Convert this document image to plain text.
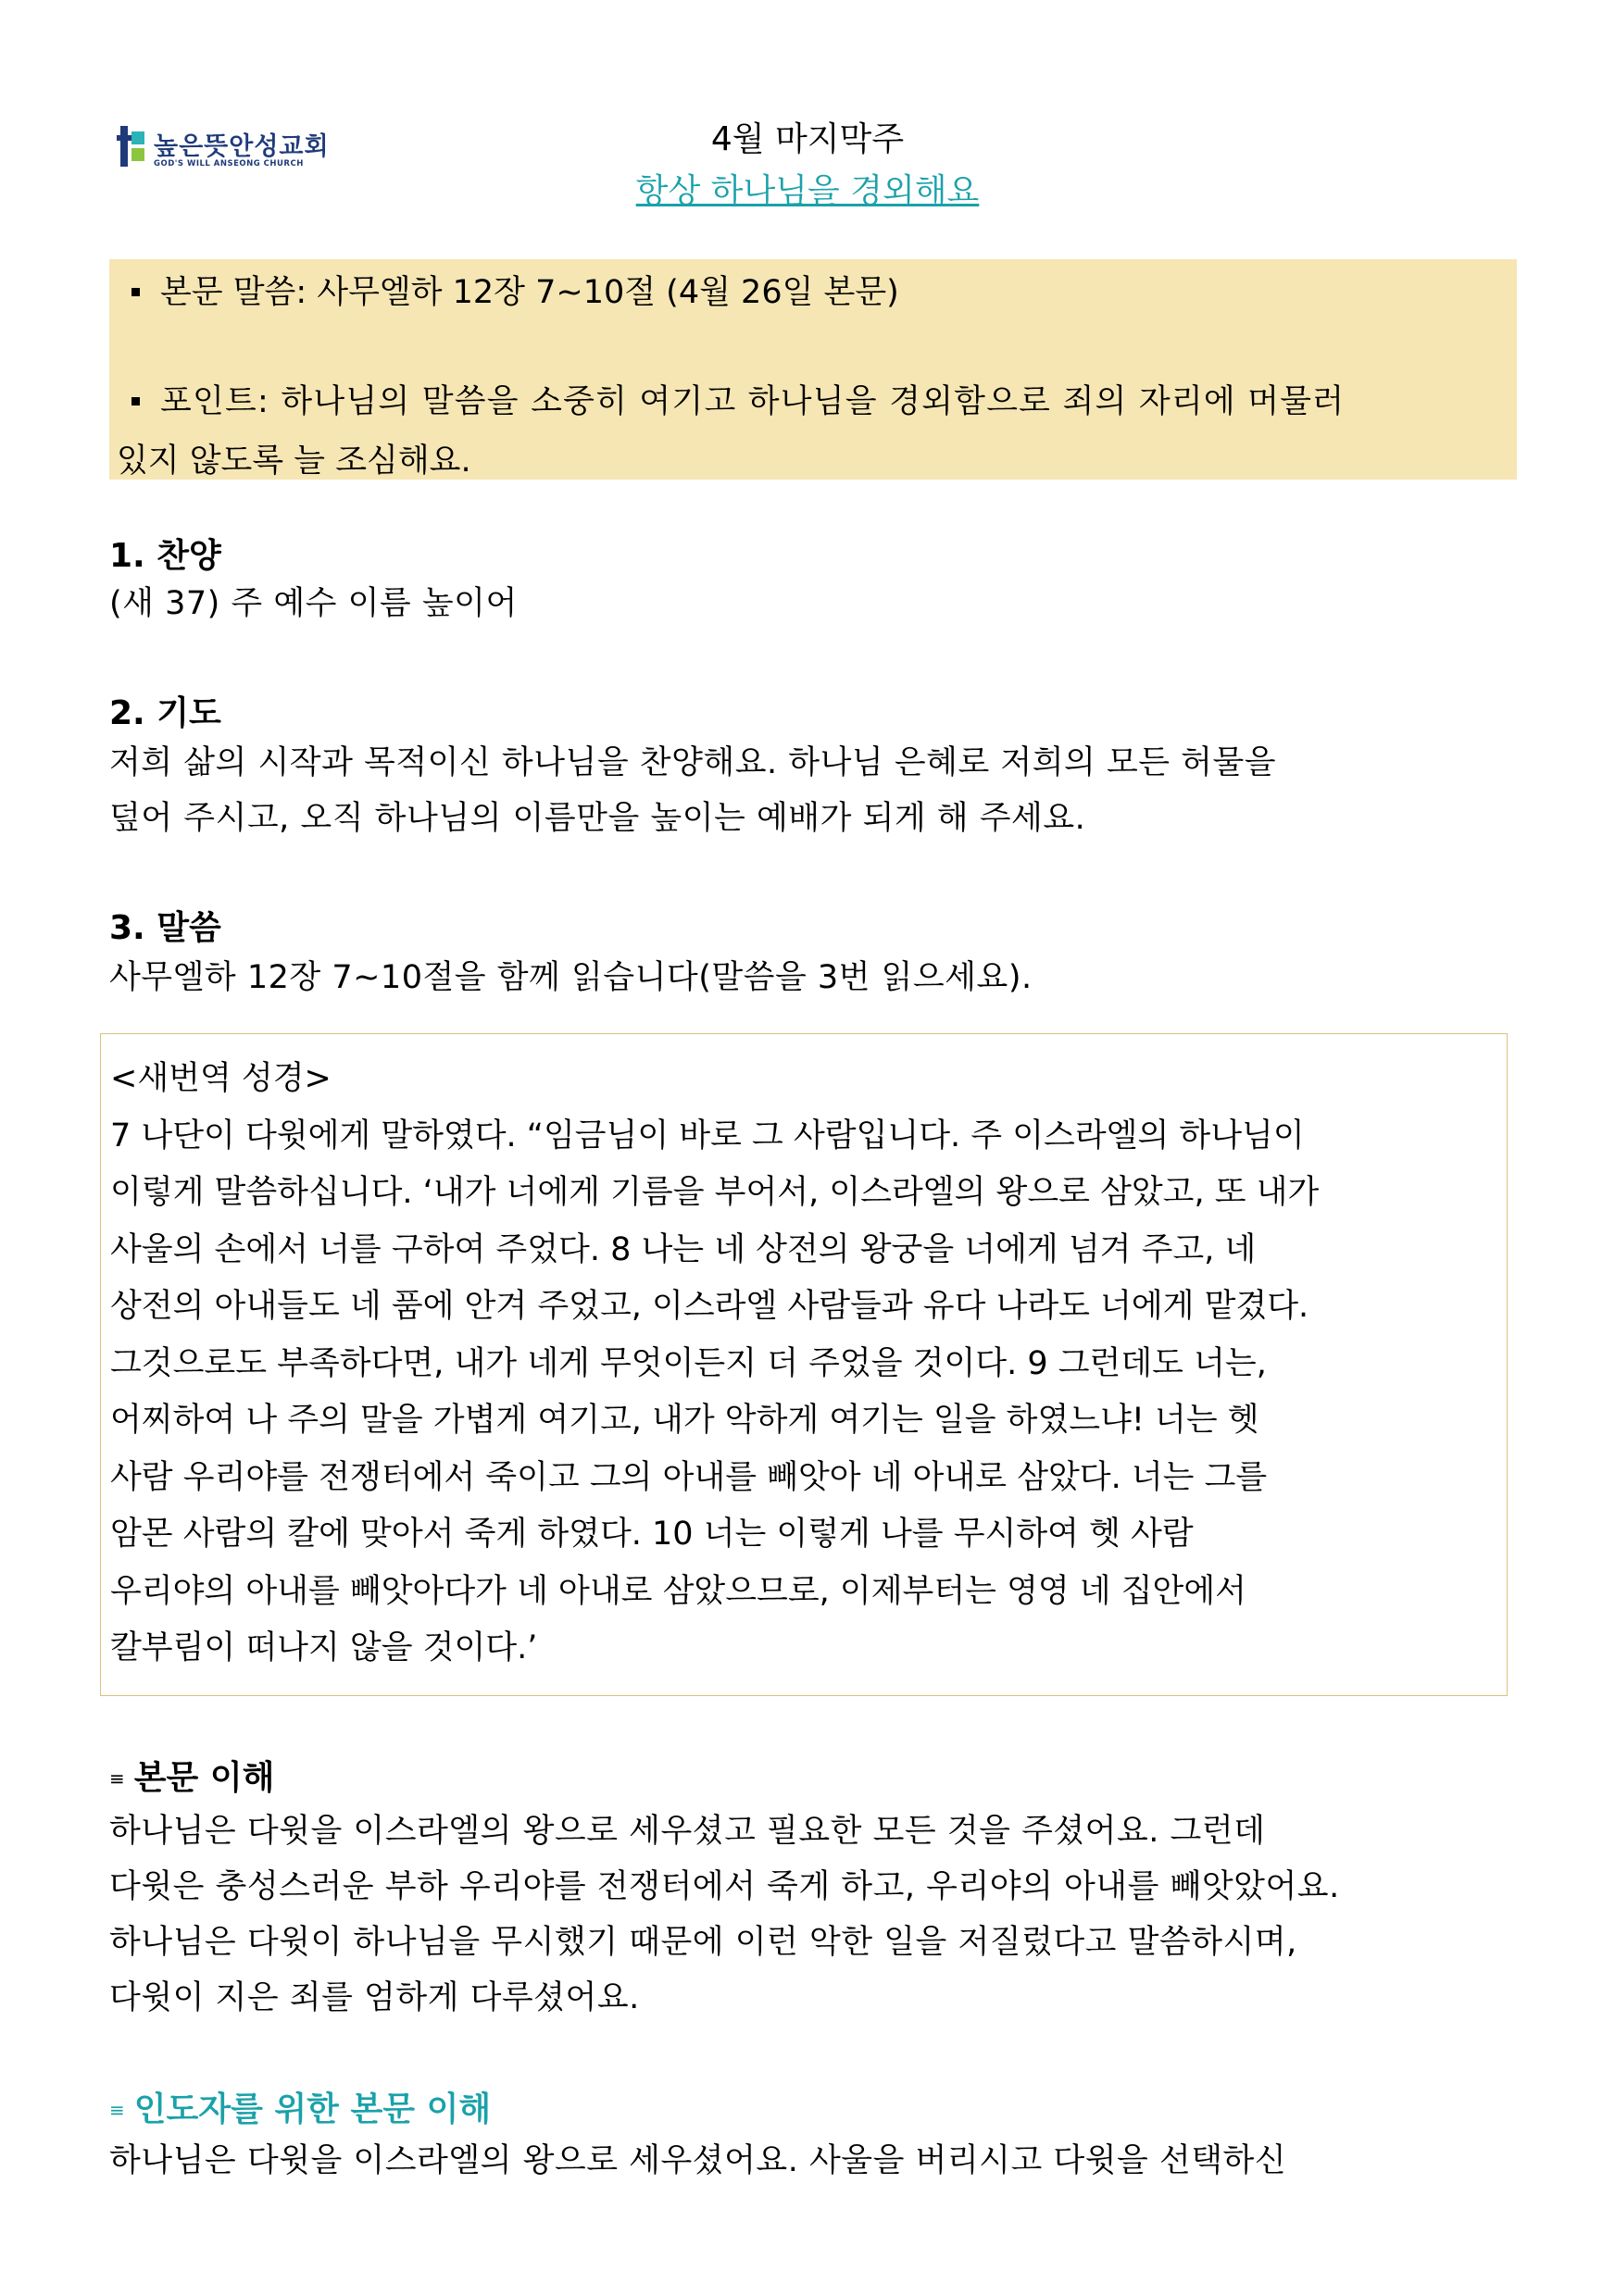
높은뜻안성교회
GOD'S WILL ANSEONG CHURCH
4월 마지막주
항상 하나님을 경외해요
본문 말씀: 사무엘하 12장 7~10절 (4월 26일 본문)
포인트: 하나님의 말씀을 소중히 여기고 하나님을 경외함으로 죄의 자리에 머물러
있지 않도록 늘 조심해요.
1. 찬양
(새 37) 주 예수 이름 높이어
2. 기도
저희 삶의 시작과 목적이신 하나님을 찬양해요. 하나님 은혜로 저희의 모든 허물을
덮어 주시고, 오직 하나님의 이름만을 높이는 예배가 되게 해 주세요.
3. 말씀
사무엘하 12장 7~10절을 함께 읽습니다(말씀을 3번 읽으세요).
<새번역 성경>
7 나단이 다윗에게 말하였다. “임금님이 바로 그 사람입니다. 주 이스라엘의 하나님이
이렇게 말씀하십니다. ‘내가 너에게 기름을 부어서, 이스라엘의 왕으로 삼았고, 또 내가
사울의 손에서 너를 구하여 주었다. 8 나는 네 상전의 왕궁을 너에게 넘겨 주고, 네
상전의 아내들도 네 품에 안겨 주었고, 이스라엘 사람들과 유다 나라도 너에게 맡겼다.
그것으로도 부족하다면, 내가 네게 무엇이든지 더 주었을 것이다. 9 그런데도 너는,
어찌하여 나 주의 말을 가볍게 여기고, 내가 악하게 여기는 일을 하였느냐! 너는 헷
사람 우리야를 전쟁터에서 죽이고 그의 아내를 빼앗아 네 아내로 삼았다. 너는 그를
암몬 사람의 칼에 맞아서 죽게 하였다. 10 너는 이렇게 나를 무시하여 헷 사람
우리야의 아내를 빼앗아다가 네 아내로 삼았으므로, 이제부터는 영영 네 집안에서
칼부림이 떠나지 않을 것이다.’
≡ 본문 이해
하나님은 다윗을 이스라엘의 왕으로 세우셨고 필요한 모든 것을 주셨어요. 그런데
다윗은 충성스러운 부하 우리야를 전쟁터에서 죽게 하고, 우리야의 아내를 빼앗았어요.
하나님은 다윗이 하나님을 무시했기 때문에 이런 악한 일을 저질렀다고 말씀하시며,
다윗이 지은 죄를 엄하게 다루셨어요.
≡ 인도자를 위한 본문 이해
하나님은 다윗을 이스라엘의 왕으로 세우셨어요. 사울을 버리시고 다윗을 선택하신
